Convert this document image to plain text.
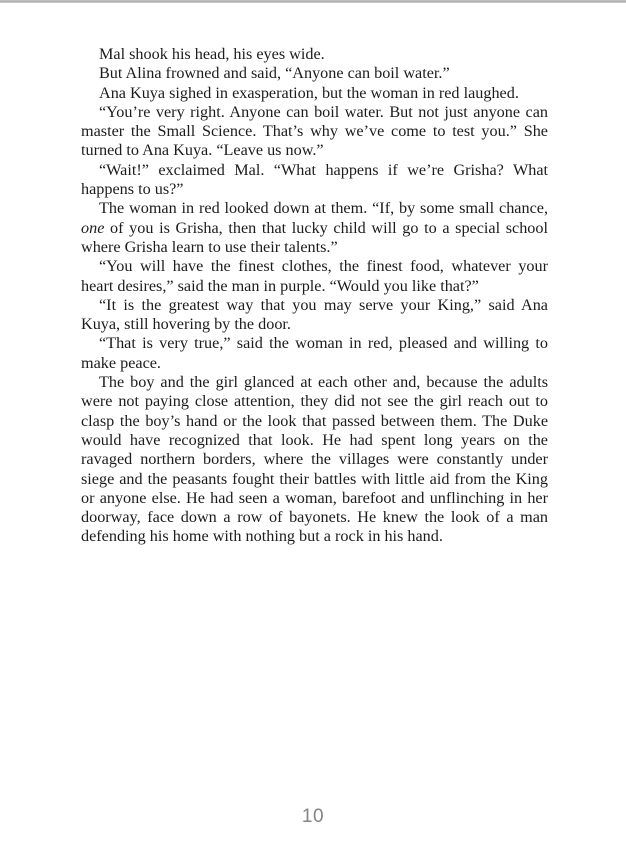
Mal shook his head, his eyes wide.

But Alina frowned and said, “Anyone can boil water.”

Ana Kuya sighed in exasperation, but the woman in red laughed.

“You’re very right. Anyone can boil water. But not just anyone can master the Small Science. That’s why we’ve come to test you.” She turned to Ana Kuya. “Leave us now.”

“Wait!” exclaimed Mal. “What happens if we’re Grisha? What happens to us?”

The woman in red looked down at them. “If, by some small chance, one of you is Grisha, then that lucky child will go to a special school where Grisha learn to use their talents.”

“You will have the finest clothes, the finest food, whatever your heart desires,” said the man in purple. “Would you like that?”

“It is the greatest way that you may serve your King,” said Ana Kuya, still hovering by the door.

“That is very true,” said the woman in red, pleased and willing to make peace.

The boy and the girl glanced at each other and, because the adults were not paying close attention, they did not see the girl reach out to clasp the boy’s hand or the look that passed between them. The Duke would have recognized that look. He had spent long years on the ravaged northern borders, where the villages were constantly under siege and the peasants fought their battles with little aid from the King or anyone else. He had seen a woman, barefoot and unflinching in her doorway, face down a row of bayonets. He knew the look of a man defending his home with nothing but a rock in his hand.

10
